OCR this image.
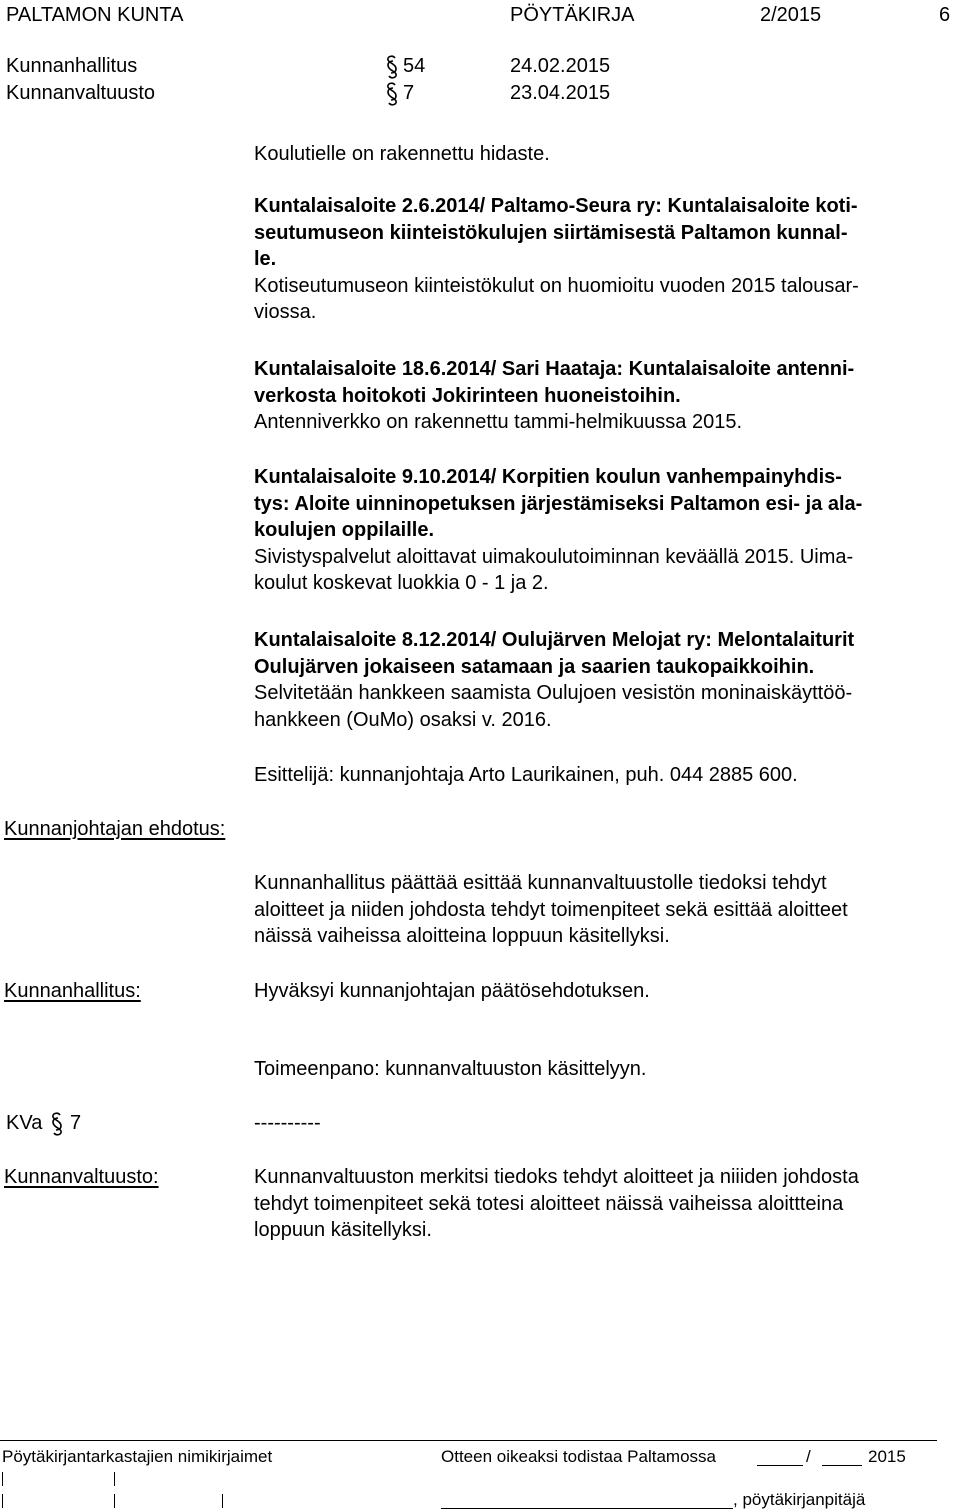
PALTAMON KUNTA	PÖYTÄKIRJA	2/2015	6
Kunnanhallitus	54	24.02.2015
Kunnanvaltuusto	7	23.04.2015
Koulutielle on rakennettu hidaste.
Kuntalaisaloite 2.6.2014/ Paltamo-Seura ry: Kuntalaisaloite koti-
seutumuseon kiinteistökulujen siirtämisestä Paltamon kunnal-
le.
Kotiseutumuseon kiinteistökulut on huomioitu vuoden 2015 talousar-
viossa.
Kuntalaisaloite 18.6.2014/ Sari Haataja: Kuntalaisaloite antenni-
verkosta hoitokoti Jokirinteen huoneistoihin.
Antenniverkko on rakennettu tammi-helmikuussa 2015.
Kuntalaisaloite 9.10.2014/ Korpitien koulun vanhempainyhdis-
tys: Aloite uinninopetuksen järjestämiseksi Paltamon esi- ja ala-
koulujen oppilaille.
Sivistyspalvelut aloittavat uimakoulutoiminnan keväällä 2015. Uima-
koulut koskevat luokkia 0 - 1 ja 2.
Kuntalaisaloite 8.12.2014/ Oulujärven Melojat ry: Melontalaiturit
Oulujärven jokaiseen satamaan ja saarien taukopaikkoihin.
Selvitetään hankkeen saamista Oulujoen vesistön moninaiskäyttöö-
hankkeen (OuMo) osaksi v. 2016.
Esittelijä: kunnanjohtaja Arto Laurikainen, puh. 044 2885 600.
Kunnanjohtajan ehdotus:
Kunnanhallitus päättää esittää kunnanvaltuustolle tiedoksi tehdyt
aloitteet ja niiden johdosta tehdyt toimenpiteet sekä esittää aloitteet
näissä vaiheissa aloitteina loppuun käsitellyksi.
Kunnanhallitus:	Hyväksyi kunnanjohtajan päätösehdotuksen.
Toimeenpano: kunnanvaltuuston käsittelyyn.
KVa 7	----------
Kunnanvaltuusto:	Kunnanvaltuuston merkitsi tiedoks tehdyt aloitteet ja niiiden johdosta
tehdyt toimenpiteet sekä totesi aloitteet näissä vaiheissa aloittteina
loppuun käsitellyksi.
Pöytäkirjantarkastajien nimikirjaimet	Otteen oikeaksi todistaa Paltamossa	/	2015
, pöytäkirjanpitäjä
